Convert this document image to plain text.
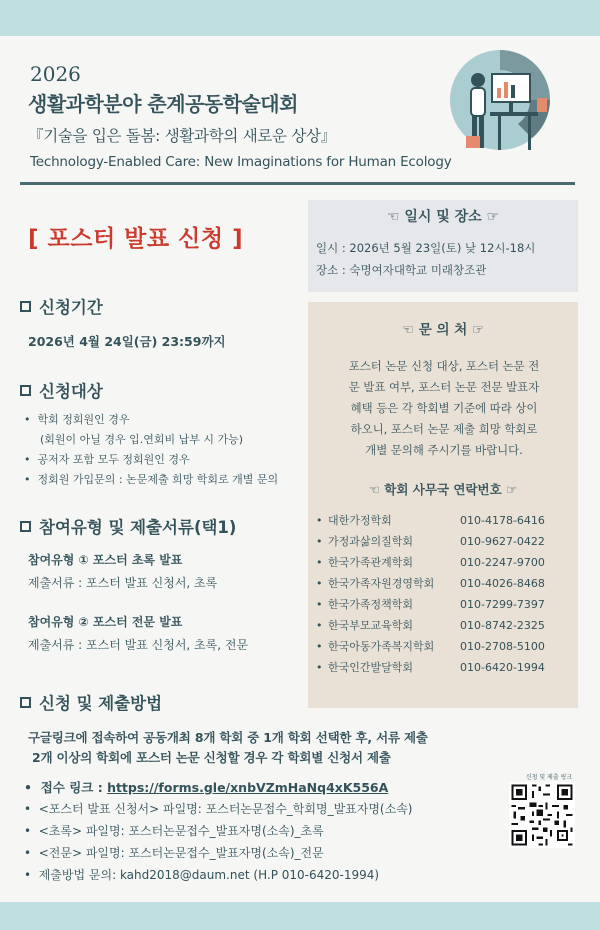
2026
생활과학분야 춘계공동학술대회
『기술을 입은 돌봄: 생활과학의 새로운 상상』
Technology-Enabled Care: New Imaginations for Human Ecology
[ 포스터 발표 신청 ]
☜ 일시 및 장소 ☞
일시 : 2026년 5월 23일(토) 낮 12시-18시
장소 : 숙명여자대학교 미래창조관
☜ 문 의 처 ☞
포스터 논문 신청 대상, 포스터 논문 전
문 발표 여부, 포스터 논문 전문 발표자
혜택 등은 각 학회별 기준에 따라 상이
하오니, 포스터 논문 제출 희망 학회로
개별 문의해 주시기를 바랍니다.
☜ 학회 사무국 연락번호 ☞
• 대한가정학회	010-4178-6416
• 가정과삶의질학회	010-9627-0422
• 한국가족관계학회	010-2247-9700
• 한국가족자원경영학회 010-4026-8468
• 한국가족정책학회	010-7299-7397
• 한국부모교육학회	010-8742-2325
• 한국아동가족복지학회 010-2708-5100
• 한국인간발달학회	010-6420-1994
신청기간
2026년 4월 24일(금) 23:59까지
신청대상
•  학회 정회원인 경우
(회원이 아닐 경우 입.연회비 납부 시 가능)
•  공저자 포함 모두 정회원인 경우
•  정회원 가입문의 : 논문제출 희망 학회로 개별 문의
참여유형 및 제출서류(택1)
참여유형 ① 포스터 초록 발표
제출서류 : 포스터 발표 신청서, 초록
참여유형 ② 포스터 전문 발표
제출서류 : 포스터 발표 신청서, 초록, 전문
신청 및 제출방법
구글링크에 접속하여 공동개최 8개 학회 중 1개 학회 선택한 후, 서류 제출
2개 이상의 학회에 포스터 논문 신청할 경우 각 학회별 신청서 제출
•  접수 링크 : https://forms.gle/xnbVZmHaNq4xK556A
•  <포스터 발표 신청서> 파일명: 포스터논문접수_학회명_발표자명(소속)
•  <초록> 파일명: 포스터논문접수_발표자명(소속)_초록
•  <전문> 파일명: 포스터논문접수_발표자명(소속)_전문
•  제출방법 문의: kahd2018@daum.net (H.P 010-6420-1994)
신청 및 제출 링크
